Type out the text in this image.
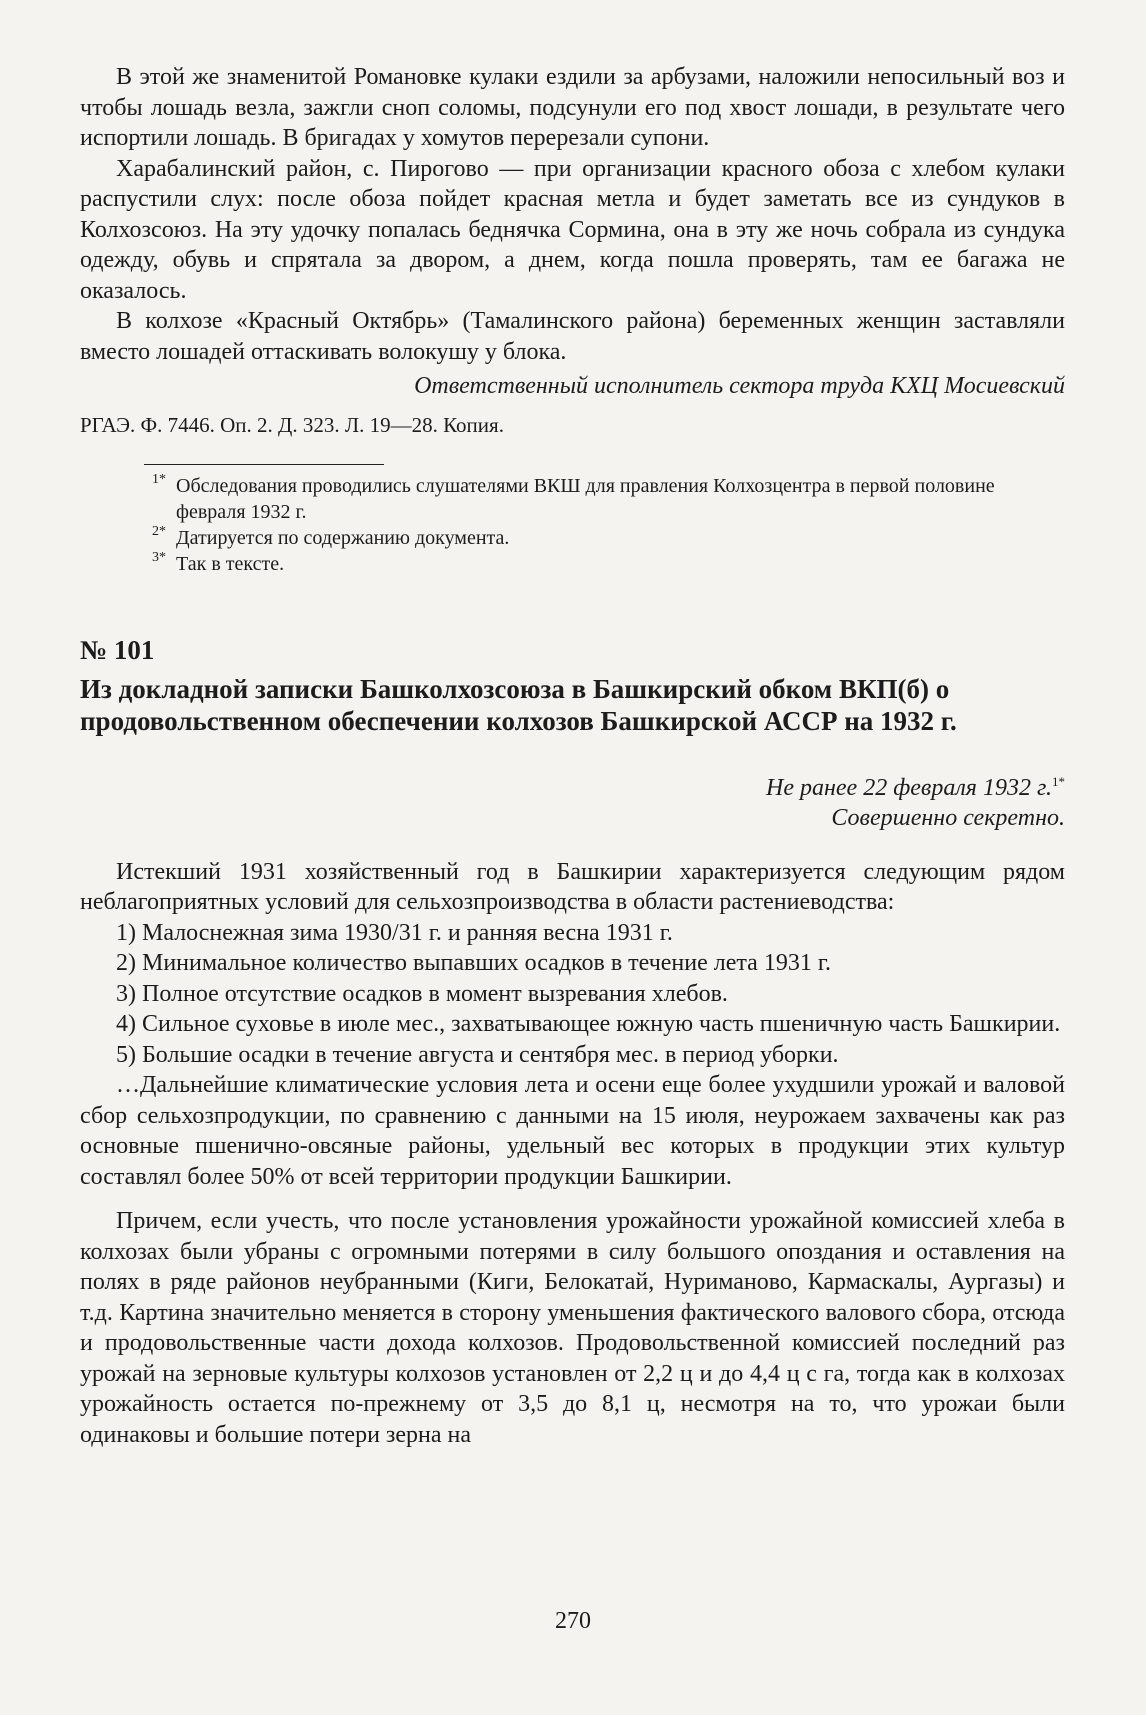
В этой же знаменитой Романовке кулаки ездили за арбузами, наложили непосильный воз и чтобы лошадь везла, зажгли сноп соломы, подсунули его под хвост лошади, в результате чего испортили лошадь. В бригадах у хомутов перерезали супони.

Харабалинский район, с. Пирогово — при организации красного обоза с хлебом кулаки распустили слух: после обоза пойдет красная метла и будет заметать все из сундуков в Колхозсоюз. На эту удочку попалась беднячка Сормина, она в эту же ночь собрала из сундука одежду, обувь и спрятала за двором, а днем, когда пошла проверять, там ее багажа не оказалось.

В колхозе «Красный Октябрь» (Тамалинского района) беременных женщин заставляли вместо лошадей оттаскивать волокушу у блока.

Ответственный исполнитель сектора труда КХЦ Мосиевский
РГАЭ. Ф. 7446. Оп. 2. Д. 323. Л. 19—28. Копия.
1* Обследования проводились слушателями ВКШ для правления Колхозцентра в первой половине февраля 1932 г.
2* Датируется по содержанию документа.
3* Так в тексте.
№ 101
Из докладной записки Башколхозсоюза в Башкирский обком ВКП(б) о продовольственном обеспечении колхозов Башкирской АССР на 1932 г.
Не ранее 22 февраля 1932 г.$^{1*}$
Совершенно секретно.

Истекший 1931 хозяйственный год в Башкирии характеризуется следующим рядом неблагоприятных условий для сельхозпроизводства в области растениеводства:

1) Малоснежная зима 1930/31 г. и ранняя весна 1931 г.

2) Минимальное количество выпавших осадков в течение лета 1931 г.

3) Полное отсутствие осадков в момент вызревания хлебов.

4) Сильное суховье в июле мес., захватывающее южную часть пшеничную часть Башкирии.

5) Большие осадки в течение августа и сентября мес. в период уборки.

…Дальнейшие климатические условия лета и осени еще более ухудшили урожай и валовой сбор сельхозпродукции, по сравнению с данными на 15 июля, неурожаем захвачены как раз основные пшенично-овсяные районы, удельный вес которых в продукции этих культур составлял более 50% от всей территории продукции Башкирии.

Причем, если учесть, что после установления урожайности урожайной комиссией хлеба в колхозах были убраны с огромными потерями в силу большого опоздания и оставления на полях в ряде районов неубранными (Киги, Белокатай, Нуриманово, Кармаскалы, Аургазы) и т.д. Картина значительно меняется в сторону уменьшения фактического валового сбора, отсюда и продовольственные части дохода колхозов. Продовольственной комиссией последний раз урожай на зерновые культуры колхозов установлен от 2,2 ц и до 4,4 ц с га, тогда как в колхозах урожайность остается по-прежнему от 3,5 до 8,1 ц, несмотря на то, что урожаи были одинаковы и большие потери зерна на

270
